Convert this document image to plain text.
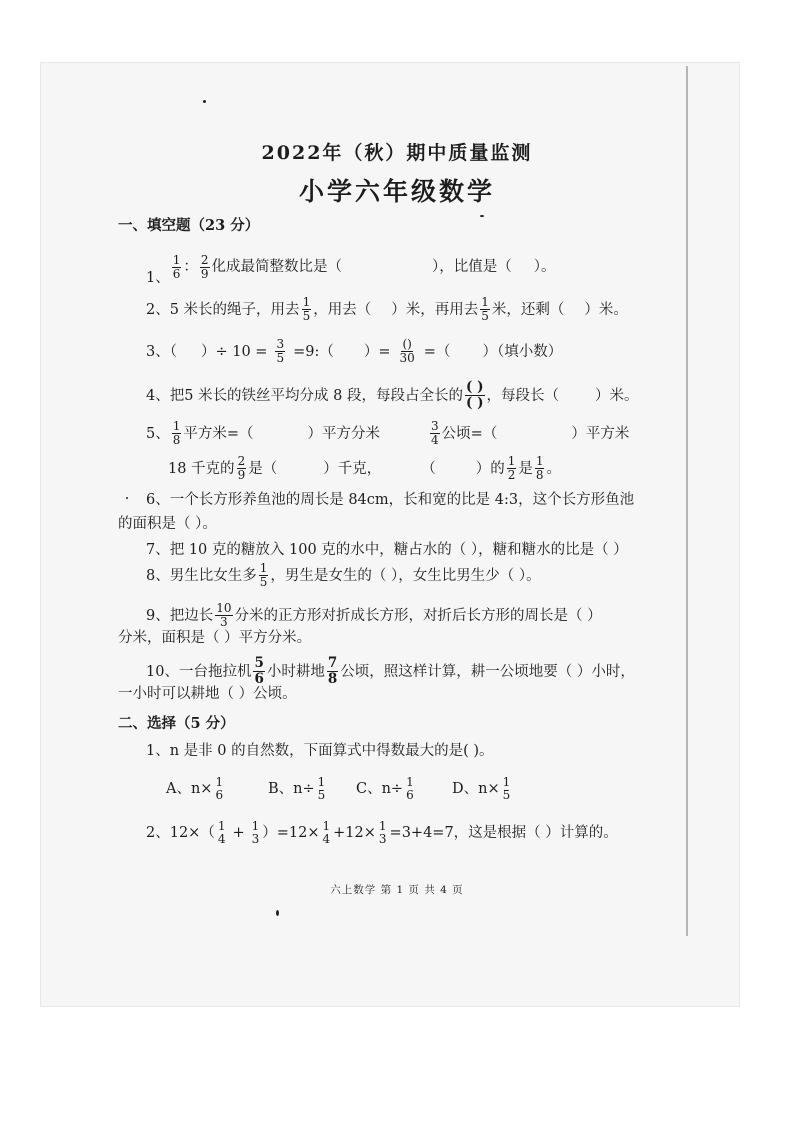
2022年（秋）期中质量监测
小学六年级数学
一、填空题（23 分）
1、 $\frac{1}{6}$ ： $\frac{2}{9}$ 化成最简整数比是（	），比值是（ ）。
2、5 米长的绳子，用去 $\frac{1}{5}$ ，用去（ ）米，再用去 $\frac{1}{5}$ 米，还剩（ ）米。
3、（ ）÷ $10 = \frac{3}{5}$ =9:（ ）= $\frac{()}{30}$ =（ ）（填小数）
4、把5 米长的铁丝平均分成 8 段，每段占全长的 $\frac{( )}{( )}$ ，每段长（ ）米。
5、 $\frac{1}{8}$ 平方米=（	）平方分米	$\frac{3}{4}$ 公顷=（	）平方米
18 千克的 $\frac{2}{9}$ 是（	）千克，	（	）的 $\frac{1}{2}$ 是 $\frac{1}{8}$ 。
6、一个长方形养鱼池的周长是 84cm，长和宽的比是 4:3，这个长方形鱼池
的面积是（ ）。
7、把 10 克的糖放入 100 克的水中，糖占水的（ ），糖和糖水的比是（ ）
8、男生比女生多 $\frac{1}{5}$ ，男生是女生的（ ），女生比男生少（ ）。
9、把边长 $\frac{10}{3}$ 分米的正方形对折成长方形，对折后长方形的周长是（ ）
分米，面积是（ ）平方分米。
10、一台拖拉机 $\frac{5}{6}$ 小时耕地 $\frac{7}{8}$ 公顷，照这样计算，耕一公顷地要（ ）小时，
一小时可以耕地（ ）公顷。
二、选择（5 分）
1、n 是非 0 的自然数，下面算式中得数最大的是( )。
A、n× 1
6	B、n÷ 1
5 C、n÷ 1
6	D、n× 1
5
2、12×（ 1
4 + 1
3 ）=12× 1
4 +12× 1
3 =3+4=7，这是根据（ ）计算的。
六上数学 第 1 页 共 4 页
